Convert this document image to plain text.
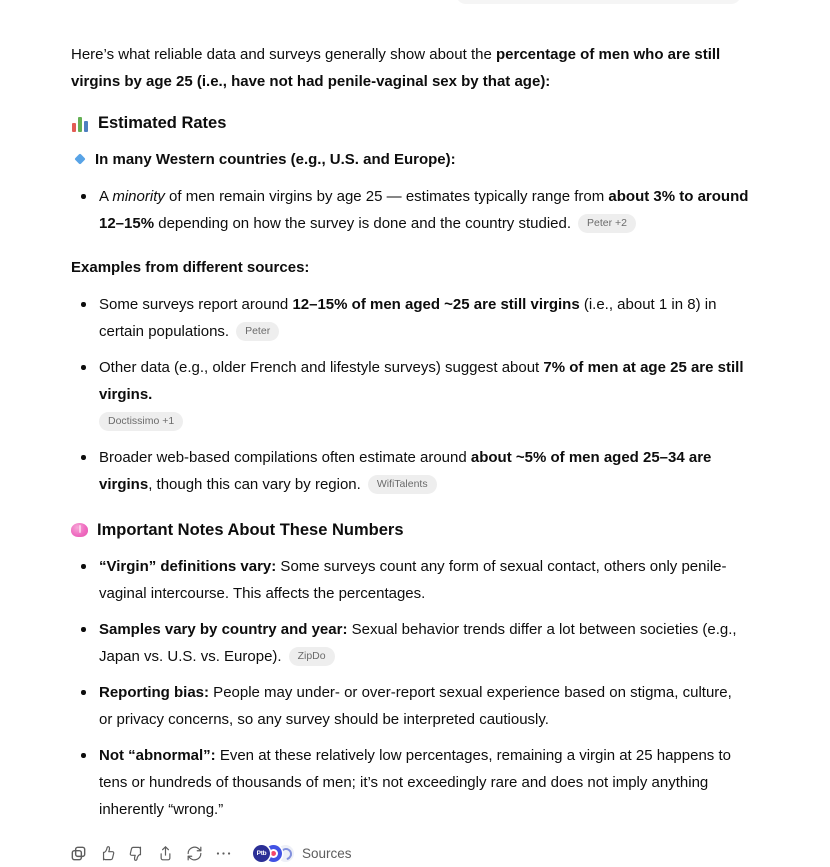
Here’s what reliable data and surveys generally show about the percentage of men who are still virgins by age 25 (i.e., have not had penile-vaginal sex by that age):

Estimated Rates
In many Western countries (e.g., U.S. and Europe):
A minority of men remain virgins by age 25 — estimates typically range from about 3% to around 12–15% depending on how the survey is done and the country studied. Peter +2

Examples from different sources:

Some surveys report around 12–15% of men aged ~25 are still virgins (i.e., about 1 in 8) in certain populations. Peter
Other data (e.g., older French and lifestyle surveys) suggest about 7% of men at age 25 are still virgins.
Doctissimo +1
Broader web-based compilations often estimate around about ~5% of men aged 25–34 are virgins, though this can vary by region. WifiTalents
Important Notes About These Numbers
“Virgin” definitions vary: Some surveys count any form of sexual contact, others only penile-vaginal intercourse. This affects the percentages.
Samples vary by country and year: Sexual behavior trends differ a lot between societies (e.g., Japan vs. U.S. vs. Europe). ZipDo
Reporting bias: People may under- or over-report sexual experience based on stigma, culture, or privacy concerns, so any survey should be interpreted cautiously.
Not “abnormal”: Even at these relatively low percentages, remaining a virgin at 25 happens to tens or hundreds of thousands of men; it’s not exceedingly rare and does not imply anything inherently “wrong.”
Ptb	Sources
